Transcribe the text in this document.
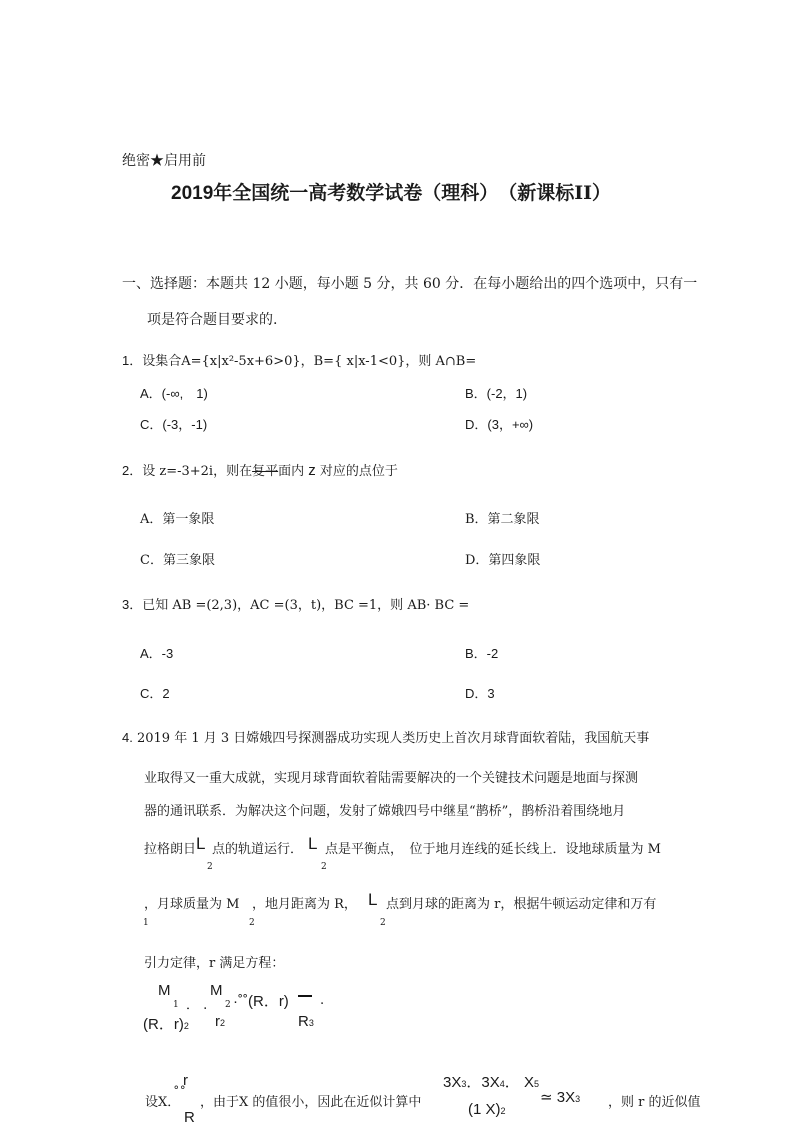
绝密★启用前
2019年全国统一高考数学试卷（理科）　（新课标II）
一、选择题：本题共 12 小题，每小题 5 分，共 60 分．在每小题给出的四个选项中，只有一
项是符合题目要求的.
1．设集合A={x|x²-5x+6>0}，B={ x|x-1<0}，则 A∩B=
A．(-∞,　1)	B．(-2，1)
C．(-3，-1)	D．(3，+∞)
2．设 z=-3+2i，则在复平面内 z 对应的点位于
A．第一象限	B．第二象限
C．第三象限	D．第四象限
3．已知 AB =(2,3)，AC =(3，t)，BC =1，则 AB· BC =
A．-3	B．-2
C．2	D．3
4. 2019 年 1 月 3 日嫦娥四号探测器成功实现人类历史上首次月球背面软着陆，我国航天事
业取得又一重大成就，实现月球背面软着陆需要解决的一个关键技术问题是地面与探测
器的通讯联系．为解决这个问题，发射了嫦娥四号中继星“鹊桥”，鹊桥沿着围绕地月
拉格朗日 L
2
点的轨道运行． L
2
点是平衡点，　位于地月连线的延长线上．设地球质量为 M
，月球质量为 M
1	2
，地月距离为 R， L
2
点到月球的距离为 r，根据牛顿运动定律和万有
引力定律，r 满足方程：
M
1 ． .
M
2 ·˚˚(R．r) .
(R．r)2 r2	R3
r
设X．
˚˚
R
，由于X 的值很小，因此在近似计算中
3X3．3X4． X5
(1 X)2
≃ 3X3 ，则 r 的近似值
